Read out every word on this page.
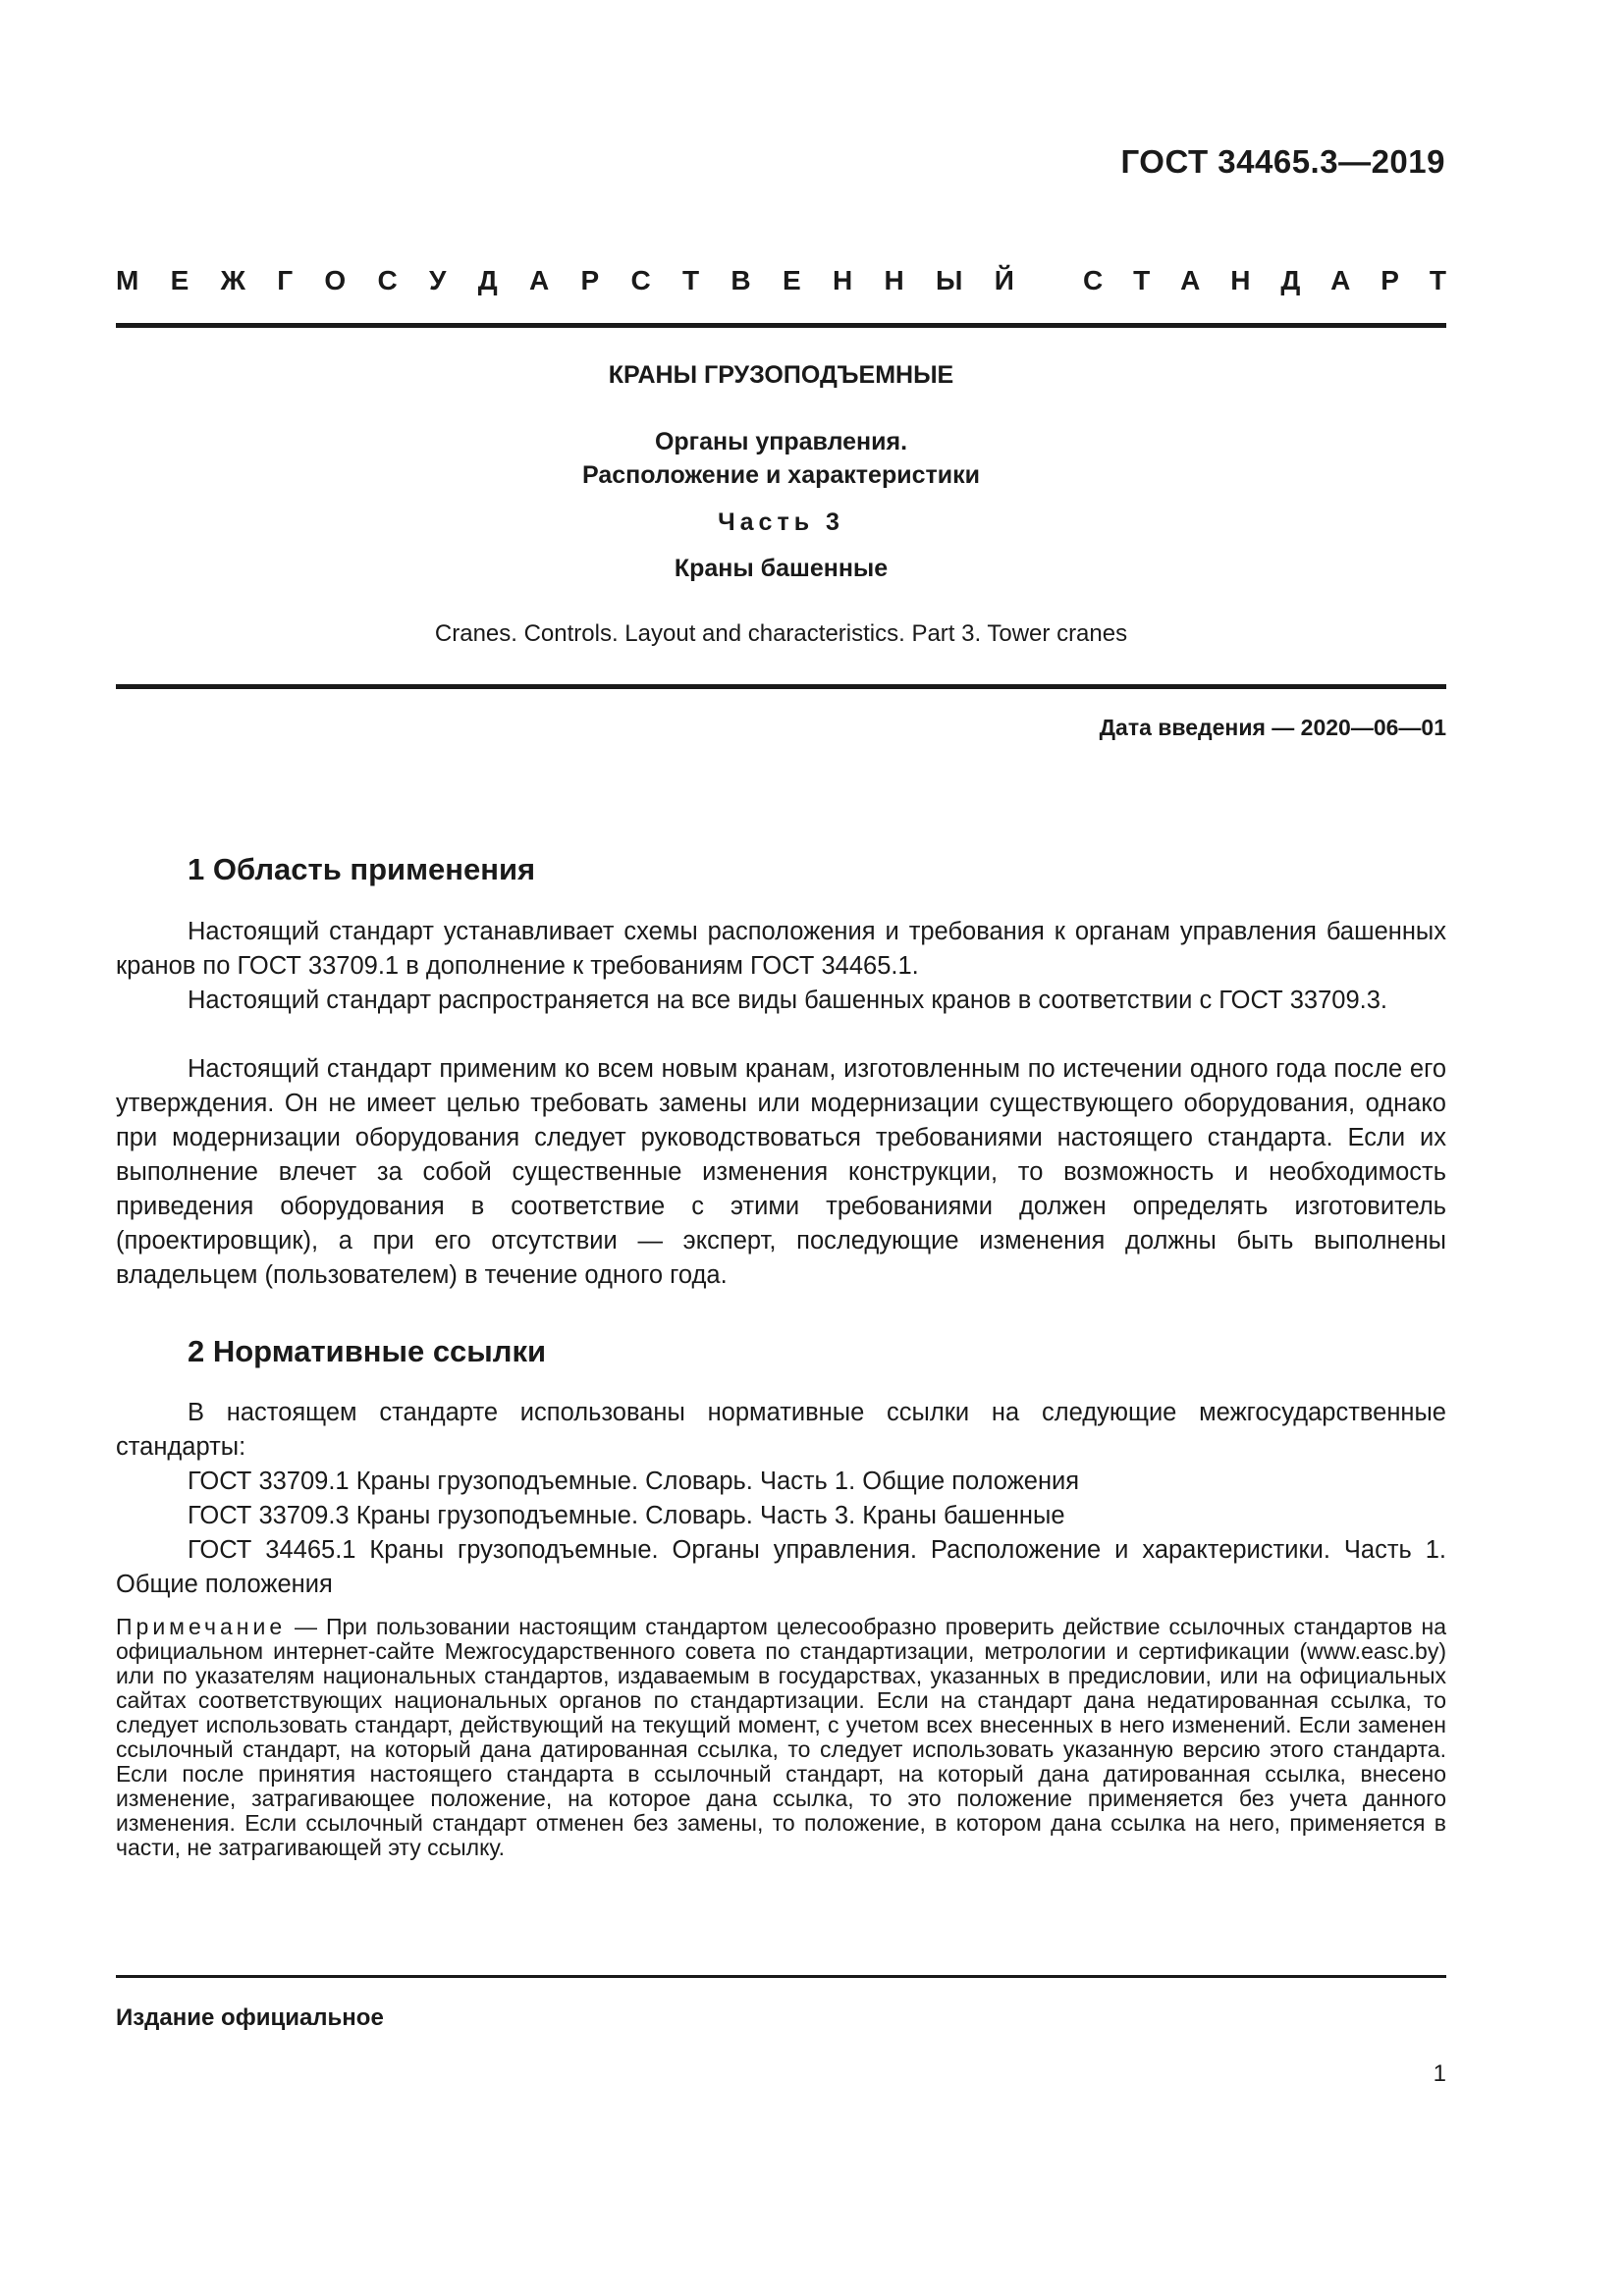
ГОСТ 34465.3—2019
М Е Ж Г О С У Д А Р С Т В Е Н Н Ы Й	С Т А Н Д А Р Т
КРАНЫ ГРУЗОПОДЪЕМНЫЕ
Органы управления.
Расположение и характеристики
Часть 3
Краны башенные
Cranes. Controls. Layout and characteristics. Part 3. Tower cranes
Дата введения — 2020—06—01
1 Область применения
Настоящий стандарт устанавливает схемы расположения и требования к органам управления башенных кранов по ГОСТ 33709.1 в дополнение к требованиям ГОСТ 34465.1.
Настоящий стандарт распространяется на все виды башенных кранов в соответствии с ГОСТ 33709.3.
Настоящий стандарт применим ко всем новым кранам, изготовленным по истечении одного года после его утверждения. Он не имеет целью требовать замены или модернизации существующего оборудования, однако при модернизации оборудования следует руководствоваться требованиями настоящего стандарта. Если их выполнение влечет за собой существенные изменения конструкции, то возможность и необходимость приведения оборудования в соответствие с этими требованиями должен определять изготовитель (проектировщик), а при его отсутствии — эксперт, последующие изменения должны быть выполнены владельцем (пользователем) в течение одного года.
2 Нормативные ссылки
В настоящем стандарте использованы нормативные ссылки на следующие межгосударственные стандарты:
ГОСТ 33709.1 Краны грузоподъемные. Словарь. Часть 1. Общие положения
ГОСТ 33709.3 Краны грузоподъемные. Словарь. Часть 3. Краны башенные
ГОСТ 34465.1 Краны грузоподъемные. Органы управления. Расположение и характеристики. Часть 1. Общие положения
Примечание — При пользовании настоящим стандартом целесообразно проверить действие ссылочных стандартов на официальном интернет-сайте Межгосударственного совета по стандартизации, метрологии и сертификации (www.easc.by) или по указателям национальных стандартов, издаваемым в государствах, указанных в предисловии, или на официальных сайтах соответствующих национальных органов по стандартизации. Если на стандарт дана недатированная ссылка, то следует использовать стандарт, действующий на текущий момент, с учетом всех внесенных в него изменений. Если заменен ссылочный стандарт, на который дана датированная ссылка, то следует использовать указанную версию этого стандарта. Если после принятия настоящего стандарта в ссылочный стандарт, на который дана датированная ссылка, внесено изменение, затрагивающее положение, на которое дана ссылка, то это положение применяется без учета данного изменения. Если ссылочный стандарт отменен без замены, то положение, в котором дана ссылка на него, применяется в части, не затрагивающей эту ссылку.
Издание официальное
1
